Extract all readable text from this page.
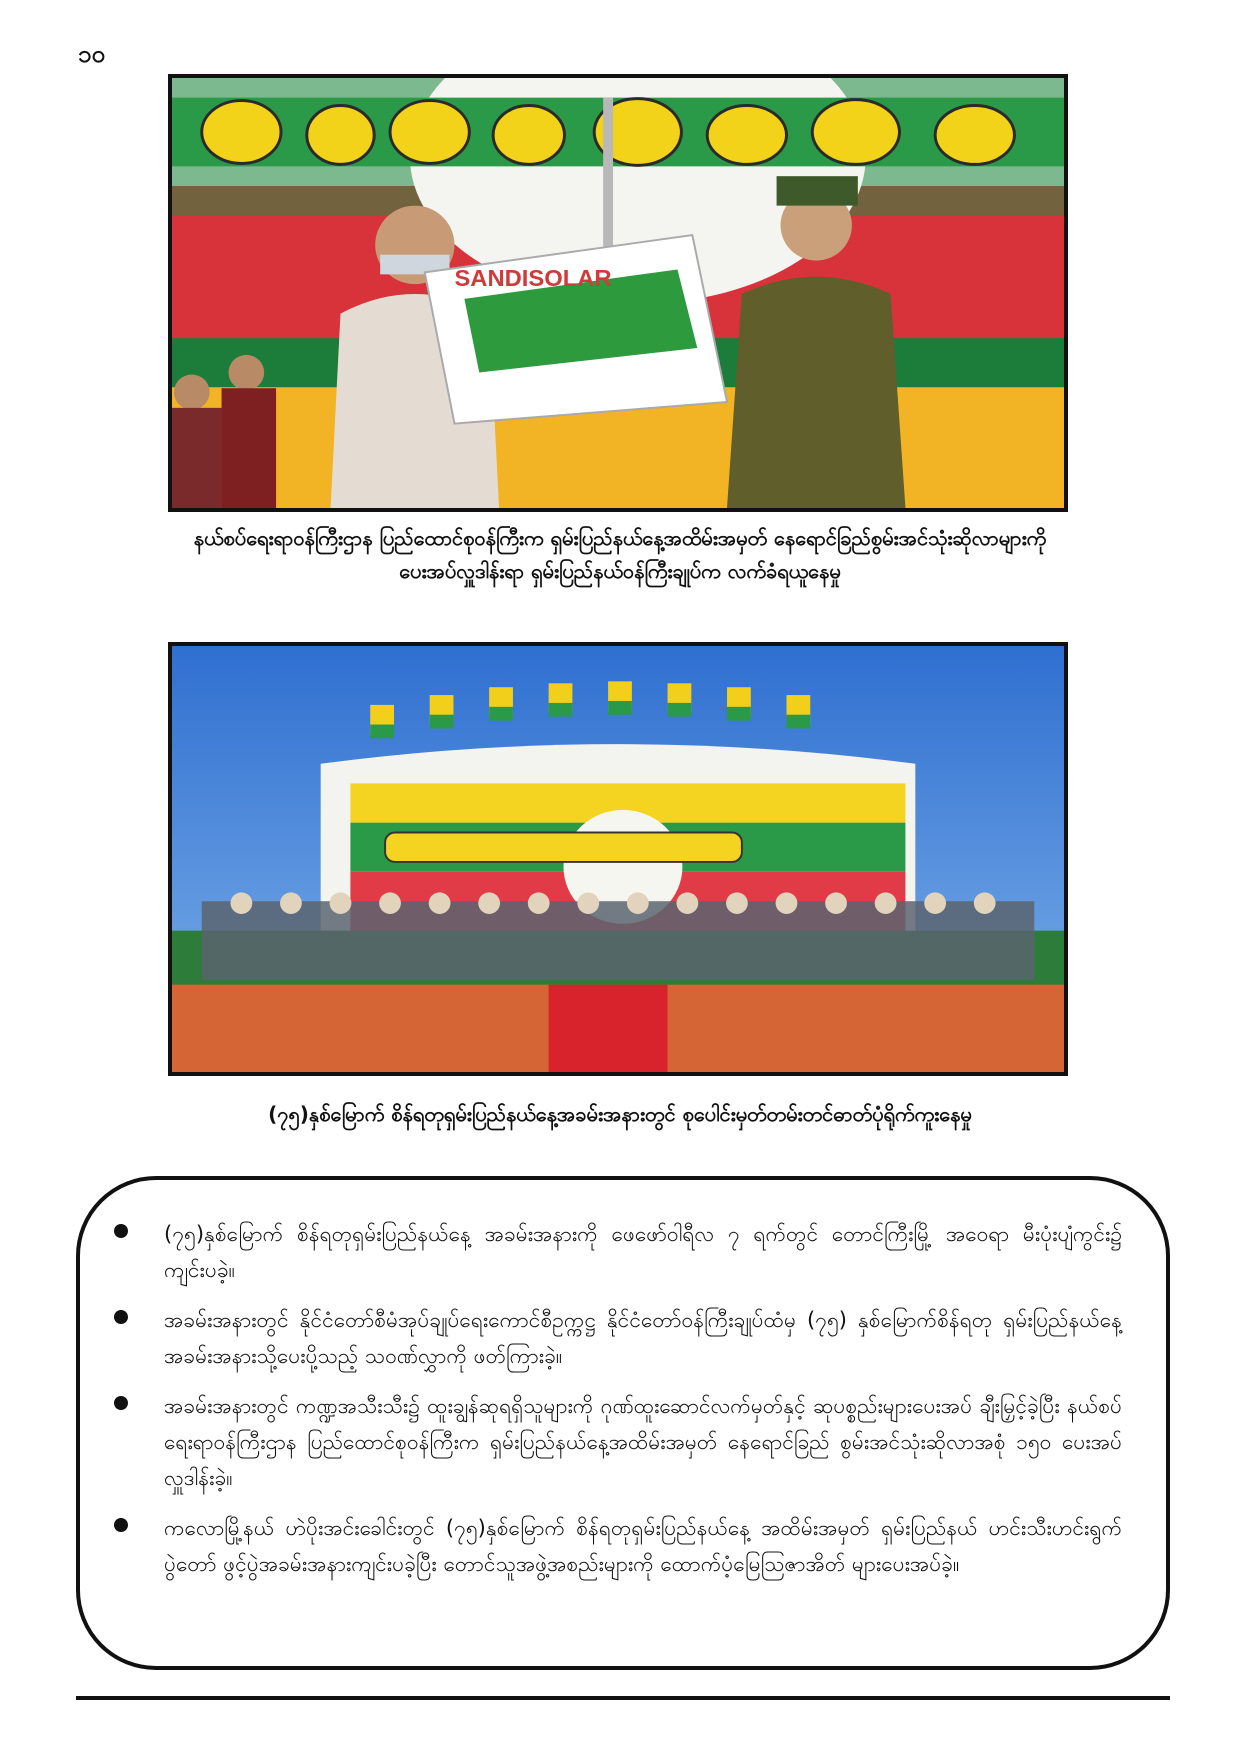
၁၀
SANDISOLAR
နယ်စပ်ရေးရာဝန်ကြီးဌာန ပြည်ထောင်စုဝန်ကြီးက ရှမ်းပြည်နယ်နေ့အထိမ်းအမှတ် နေရောင်ခြည်စွမ်းအင်သုံးဆိုလာများကို
ပေးအပ်လှူဒါန်းရာ ရှမ်းပြည်နယ်ဝန်ကြီးချုပ်က လက်ခံရယူနေမှု
(၇၅)နှစ်မြောက် စိန်ရတုရှမ်းပြည်နယ်နေ့အခမ်းအနားတွင် စုပေါင်းမှတ်တမ်းတင်ဓာတ်ပုံရိုက်ကူးနေမှု
(၇၅)နှစ်မြောက် စိန်ရတုရှမ်းပြည်နယ်နေ့ အခမ်းအနားကို ဖေဖော်ဝါရီလ ၇ ရက်တွင် တောင်ကြီးမြို့ အဝေရာ မီးပုံးပျံကွင်း၌ ကျင်းပခဲ့။
အခမ်းအနားတွင် နိုင်ငံတော်စီမံအုပ်ချုပ်ရေးကောင်စီဥက္ကဋ္ဌ နိုင်ငံတော်ဝန်ကြီးချုပ်ထံမှ (၇၅) နှစ်မြောက်စိန်ရတု ရှမ်းပြည်နယ်နေ့ အခမ်းအနားသို့ပေးပို့သည့် သဝဏ်လွှာကို ဖတ်ကြားခဲ့။
အခမ်းအနားတွင် ကဏ္ဍအသီးသီး၌ ထူးချွန်ဆုရရှိသူများကို ဂုဏ်ထူးဆောင်လက်မှတ်နှင့် ဆုပစ္စည်းများပေးအပ် ချီးမြှင့်ခဲ့ပြီး နယ်စပ်ရေးရာဝန်ကြီးဌာန ပြည်ထောင်စုဝန်ကြီးက ရှမ်းပြည်နယ်နေ့အထိမ်းအမှတ် နေရောင်ခြည် စွမ်းအင်သုံးဆိုလာအစုံ ၁၅၀ ပေးအပ်လှူဒါန်းခဲ့။
ကလောမြို့နယ် ဟဲပိုးအင်းခေါင်းတွင် (၇၅)နှစ်မြောက် စိန်ရတုရှမ်းပြည်နယ်နေ့ အထိမ်းအမှတ် ရှမ်းပြည်နယ် ဟင်းသီးဟင်းရွက်ပွဲတော် ဖွင့်ပွဲအခမ်းအနားကျင်းပခဲ့ပြီး တောင်သူအဖွဲ့အစည်းများကို ထောက်ပံ့မြေဩဇာအိတ် များပေးအပ်ခဲ့။
